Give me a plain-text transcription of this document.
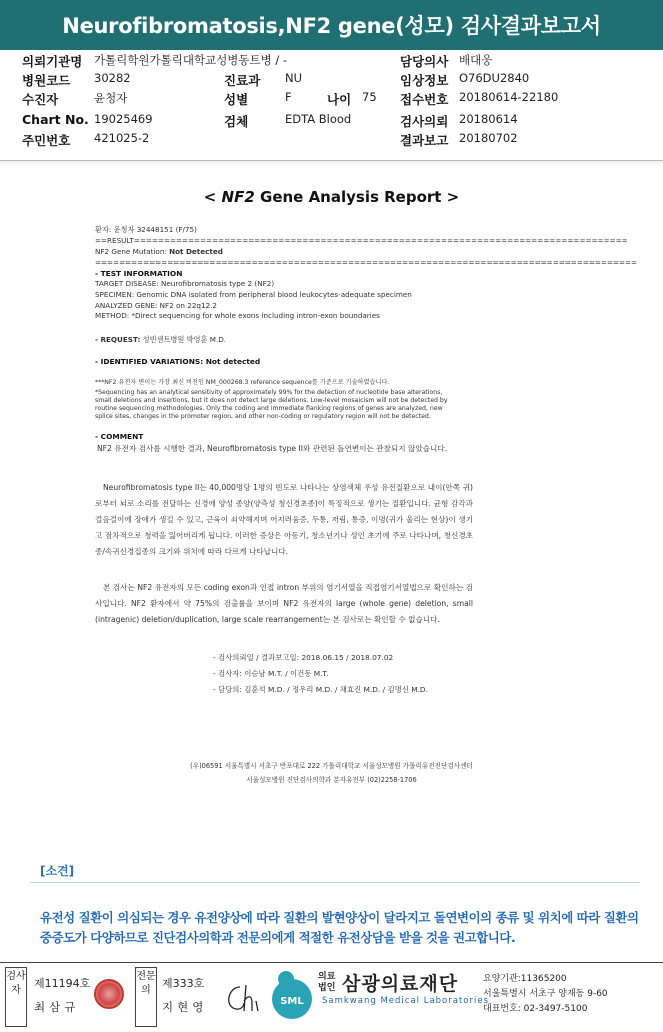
Neurofibromatosis,NF2 gene(성모) 검사결과보고서
의뢰기관명 가톨릭학원가톨릭대학교성병동트병 / -	담당의사 배대웅
병원코드 30282	진료과 NU	임상정보 O76DU2840
수진자	윤청자	성별	F	나이 75 접수번호 20180614-22180
Chart No. 19025469	검체	EDTA Blood	검사의뢰 20180614
주민번호 421025-2	결과보고 20180702
< NF2 Gene Analysis Report >
환자: 윤청자 32448151 (F/75)
==RESULT==================================================================================
NF2 Gene Mutation: Not Detected
==========================================================================================
- TEST INFORMATION
TARGET DISEASE: Neurofibromatosis type 2 (NF2)
SPECIMEN: Genomic DNA isolated from peripheral blood leukocytes-adequate specimen
ANALYZED GENE: NF2 on 22q12.2
METHOD: *Direct sequencing for whole exons including intron-exon boundaries
- REQUEST: 성빈센트병원 박영훈 M.D.
- IDENTIFIED VARIATIONS: Not detected
***NF2 유전자 변이는 가장 최신 버전인 NM_000268.3 reference sequence를 기준으로 기술하였습니다.
*Sequencing has an analytical sensitivity of approximately 99% for the detection of nucleotide base alterations,
small deletions and insertions, but it does not detect large deletions. Low-level mosaicism will not be detected by
routine sequencing methodologies. Only the coding and immediate flanking regions of genes are analyzed, new
splice sites, changes in the promoter region, and other non-coding or regulatory region will not be detected.
- COMMENT
NF2 유전자 검사를 시행한 결과, Neurofibromatosis type II와 관련된 돌연변이는 관찰되지 않았습니다.
Neurofibromatosis type II는 40,000명당 1명의 빈도로 나타나는 상염색체 우성 유전질환으로 내이(안쪽 귀)로부터 뇌로 소리를 전달하는 신경에 양성 종양(양측성 청신경초종)이 특징적으로 생기는 질환입니다. 균형 감각과 걸음걸이에 장애가 생길 수 있고, 근육이 쇠약해지며 어지러움증, 두통, 저림, 통증, 이명(귀가 울리는 현상)이 생기고 점차적으로 청력을 잃어버리게 됩니다. 이러한 증상은 아동기, 청소년기나 성인 초기에 주로 나타나며, 청신경초종/속귀신경집종의 크기와 위치에 따라 다르게 나타납니다.
본 검사는 NF2 유전자의 모든 coding exon과 인접 intron 부위의 염기서열을 직접염기서열법으로 확인하는 검사입니다. NF2 환자에서 약 75%의 검출률을 보이며 NF2 유전자의 large (whole gene) deletion, small (intragenic) deletion/duplication, large scale rearrangement는 본 검사로는 확인할 수 없습니다.
- 검사의뢰일 / 결과보고일: 2018.06.15 / 2018.07.02
- 검사자: 이승남 M.T. / 이건동 M.T.
- 담당의: 김훈석 M.D. / 정우리 M.D. / 채효진 M.D. / 김명신 M.D.
(우)06591 서울특별시 서초구 반포대로 222 가톨릭대학교 서울성모병원 가톨릭유전진단검사센터
서울성모병원 진단검사의학과 분자유전부 (02)2258-1706
[소견]
유전성 질환이 의심되는 경우 유전양상에 따라 질환의 발현양상이 달라지고 돌연변이의 종류 및 위치에 따라 질환의 중증도가 다양하므로 진단검사의학과 전문의에게 적절한 유전상담을 받을 것을 권고합니다.
검사자
제11194호
최삼규
전문의
제333호
지현영	SML
의료
법인 삼광의료재단
Samkwang Medical Laboratories
요양기관:11365200
서울특별시 서초구 양재동 9-60
대표번호: 02-3497-5100
